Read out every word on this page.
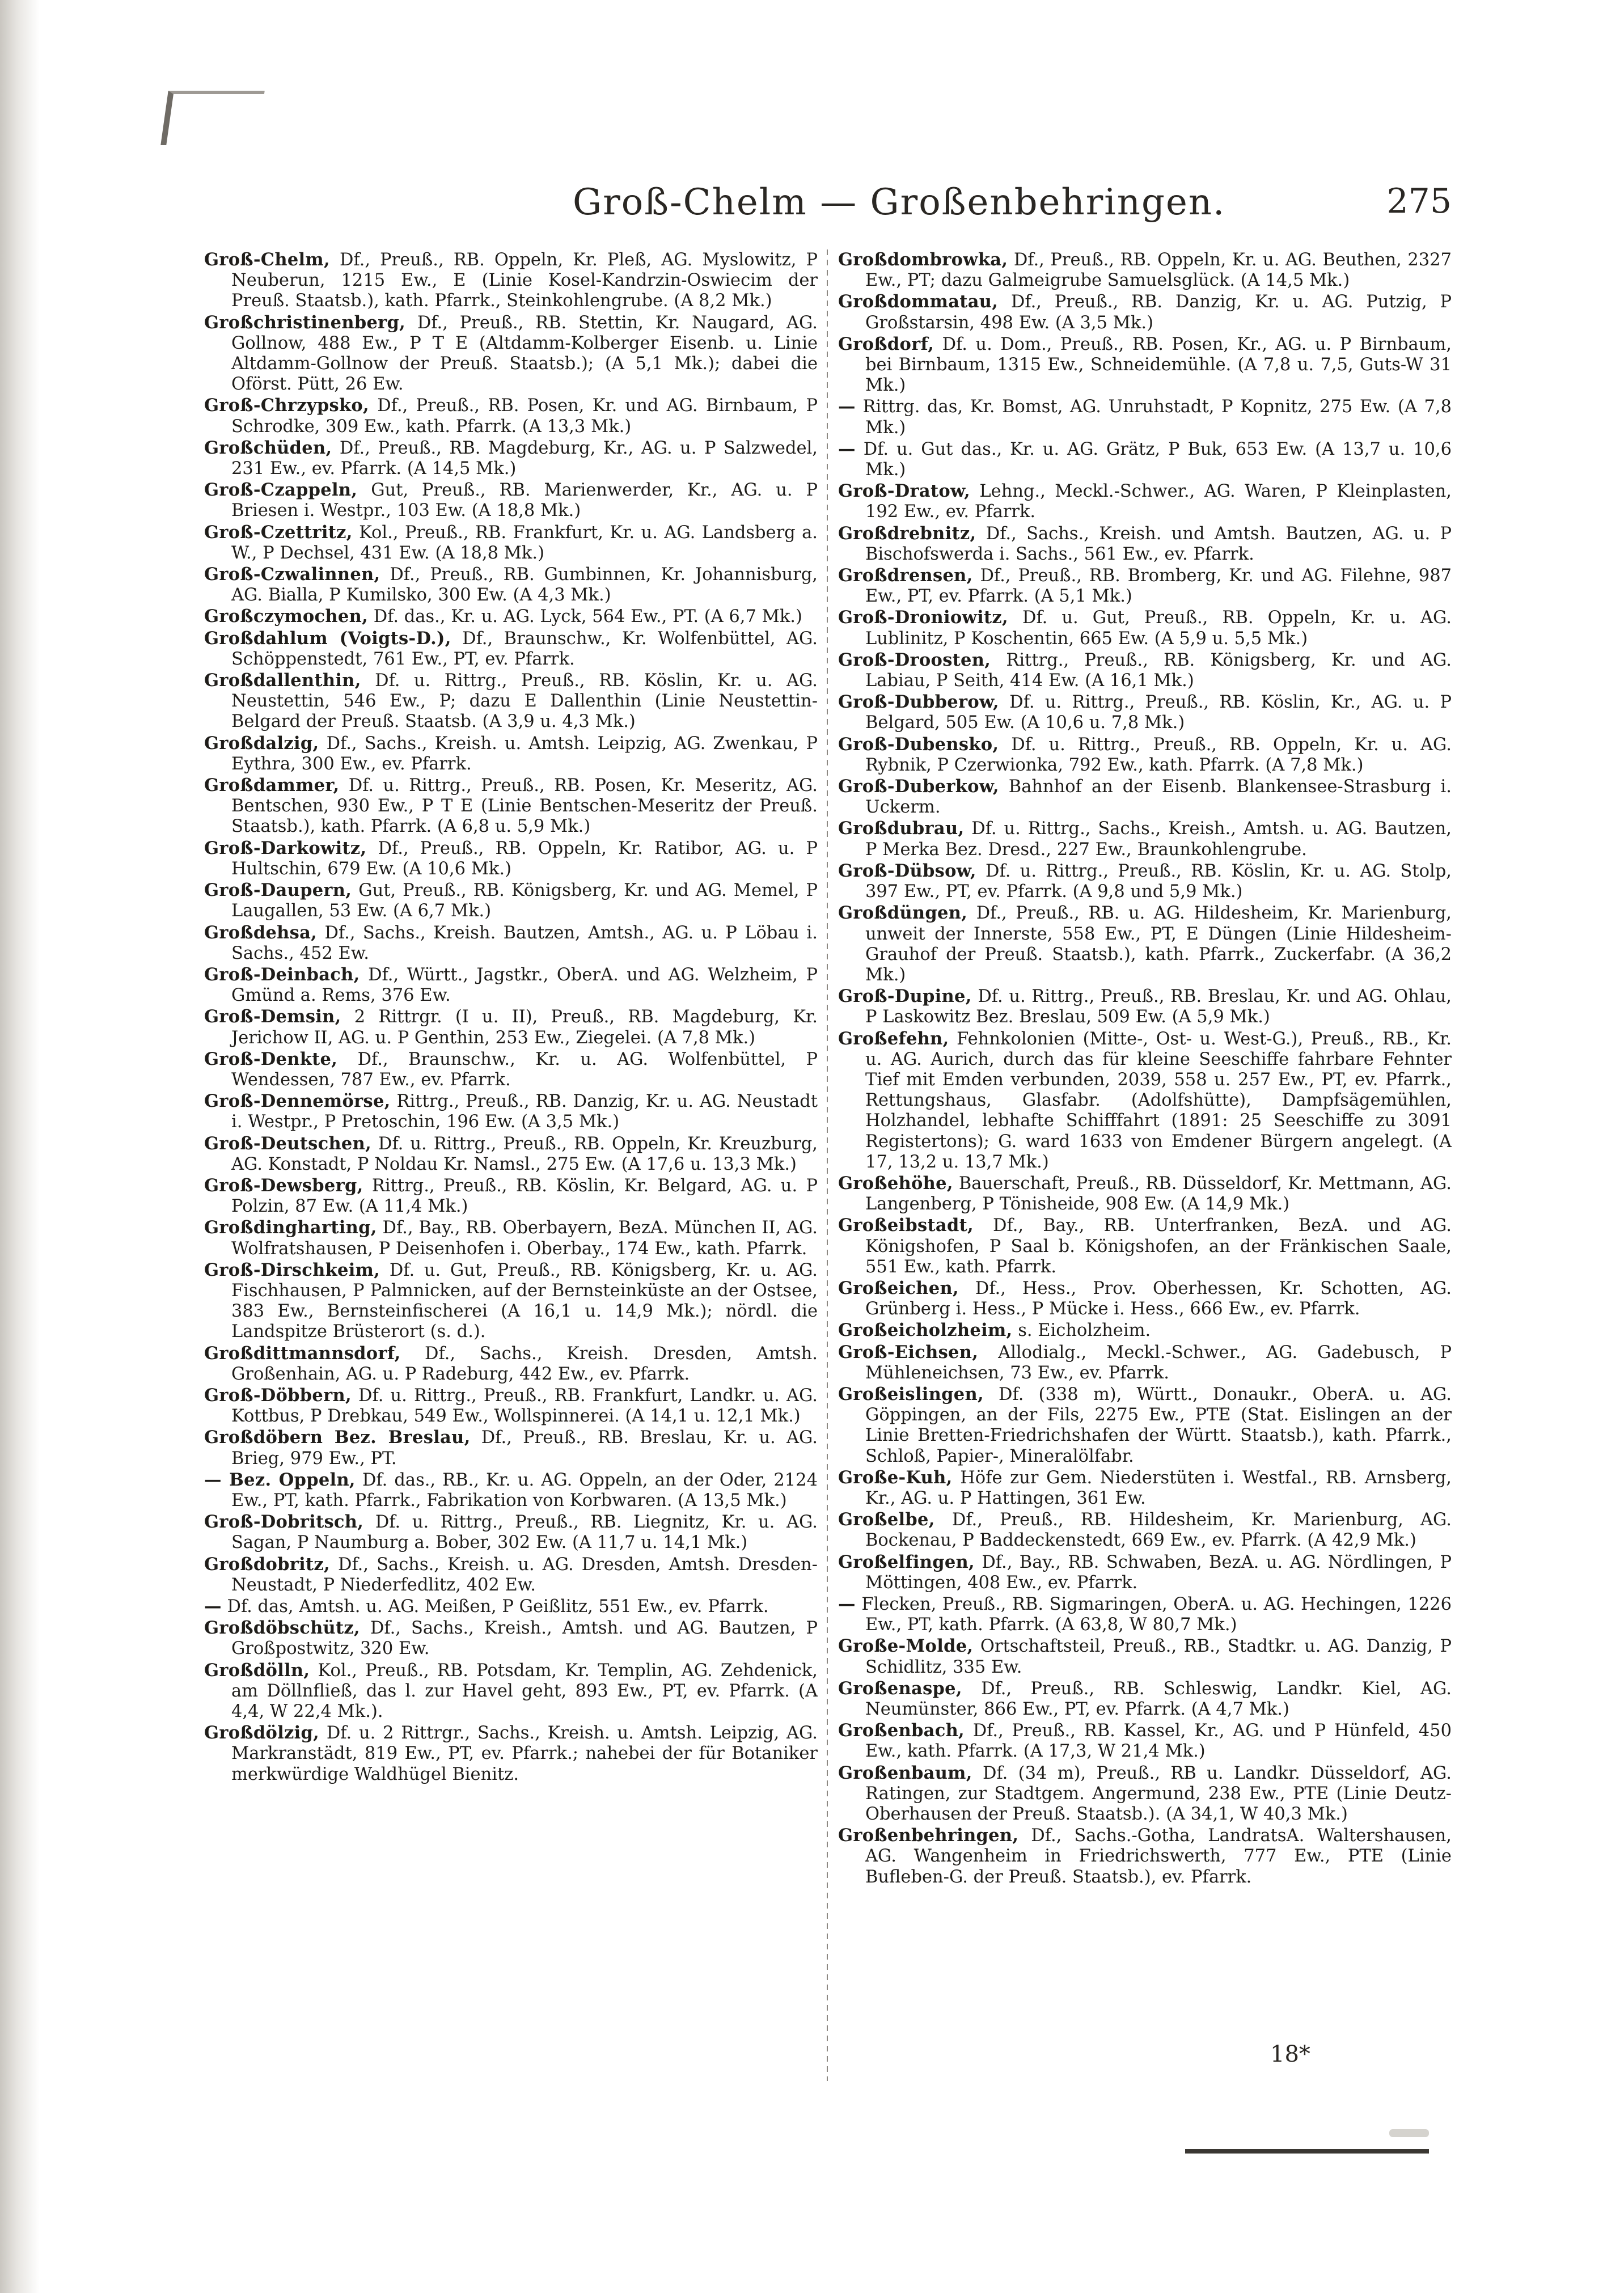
Groß-Chelm — Großenbehringen.	275

Groß-Chelm, Df., Preuß., RB. Oppeln, Kr. Pleß, AG. Myslowitz, P Neuberun, 1215 Ew., E (Linie Kosel-Kandrzin-Oswiecim der Preuß. Staatsb.), kath. Pfarrk., Steinkohlengrube. (A 8,2 Mk.)

Großchristinenberg, Df., Preuß., RB. Stettin, Kr. Naugard, AG. Gollnow, 488 Ew., P T E (Altdamm-Kolberger Eisenb. u. Linie Altdamm-Gollnow der Preuß. Staatsb.); (A 5,1 Mk.); dabei die Oförst. Pütt, 26 Ew.

Groß-Chrzypsko, Df., Preuß., RB. Posen, Kr. und AG. Birnbaum, P Schrodke, 309 Ew., kath. Pfarrk. (A 13,3 Mk.)

Großchüden, Df., Preuß., RB. Magdeburg, Kr., AG. u. P Salzwedel, 231 Ew., ev. Pfarrk. (A 14,5 Mk.)

Groß-Czappeln, Gut, Preuß., RB. Marienwerder, Kr., AG. u. P Briesen i. Westpr., 103 Ew. (A 18,8 Mk.)

Groß-Czettritz, Kol., Preuß., RB. Frankfurt, Kr. u. AG. Landsberg a. W., P Dechsel, 431 Ew. (A 18,8 Mk.)

Groß-Czwalinnen, Df., Preuß., RB. Gumbinnen, Kr. Johannisburg, AG. Bialla, P Kumilsko, 300 Ew. (A 4,3 Mk.)

Großczymochen, Df. das., Kr. u. AG. Lyck, 564 Ew., PT. (A 6,7 Mk.)

Großdahlum (Voigts-D.), Df., Braunschw., Kr. Wolfenbüttel, AG. Schöppenstedt, 761 Ew., PT, ev. Pfarrk.

Großdallenthin, Df. u. Rittrg., Preuß., RB. Köslin, Kr. u. AG. Neustettin, 546 Ew., P; dazu E Dallenthin (Linie Neustettin-Belgard der Preuß. Staatsb. (A 3,9 u. 4,3 Mk.)

Großdalzig, Df., Sachs., Kreish. u. Amtsh. Leipzig, AG. Zwenkau, P Eythra, 300 Ew., ev. Pfarrk.

Großdammer, Df. u. Rittrg., Preuß., RB. Posen, Kr. Meseritz, AG. Bentschen, 930 Ew., P T E (Linie Bentschen-Meseritz der Preuß. Staatsb.), kath. Pfarrk. (A 6,8 u. 5,9 Mk.)

Groß-Darkowitz, Df., Preuß., RB. Oppeln, Kr. Ratibor, AG. u. P Hultschin, 679 Ew. (A 10,6 Mk.)

Groß-Daupern, Gut, Preuß., RB. Königsberg, Kr. und AG. Memel, P Laugallen, 53 Ew. (A 6,7 Mk.)

Großdehsa, Df., Sachs., Kreish. Bautzen, Amtsh., AG. u. P Löbau i. Sachs., 452 Ew.

Groß-Deinbach, Df., Württ., Jagstkr., OberA. und AG. Welzheim, P Gmünd a. Rems, 376 Ew.

Groß-Demsin, 2 Rittrgr. (I u. II), Preuß., RB. Magdeburg, Kr. Jerichow II, AG. u. P Genthin, 253 Ew., Ziegelei. (A 7,8 Mk.)

Groß-Denkte, Df., Braunschw., Kr. u. AG. Wolfenbüttel, P Wendessen, 787 Ew., ev. Pfarrk.

Groß-Dennemörse, Rittrg., Preuß., RB. Danzig, Kr. u. AG. Neustadt i. Westpr., P Pretoschin, 196 Ew. (A 3,5 Mk.)

Groß-Deutschen, Df. u. Rittrg., Preuß., RB. Oppeln, Kr. Kreuzburg, AG. Konstadt, P Noldau Kr. Namsl., 275 Ew. (A 17,6 u. 13,3 Mk.)

Groß-Dewsberg, Rittrg., Preuß., RB. Köslin, Kr. Belgard, AG. u. P Polzin, 87 Ew. (A 11,4 Mk.)

Großdingharting, Df., Bay., RB. Oberbayern, BezA. München II, AG. Wolfratshausen, P Deisenhofen i. Oberbay., 174 Ew., kath. Pfarrk.

Groß-Dirschkeim, Df. u. Gut, Preuß., RB. Königsberg, Kr. u. AG. Fischhausen, P Palmnicken, auf der Bernsteinküste an der Ostsee, 383 Ew., Bernsteinfischerei (A 16,1 u. 14,9 Mk.); nördl. die Landspitze Brüsterort (s. d.).

Großdittmannsdorf, Df., Sachs., Kreish. Dresden, Amtsh. Großenhain, AG. u. P Radeburg, 442 Ew., ev. Pfarrk.

Groß-Döbbern, Df. u. Rittrg., Preuß., RB. Frankfurt, Landkr. u. AG. Kottbus, P Drebkau, 549 Ew., Wollspinnerei. (A 14,1 u. 12,1 Mk.)

Großdöbern Bez. Breslau, Df., Preuß., RB. Breslau, Kr. u. AG. Brieg, 979 Ew., PT.

— Bez. Oppeln, Df. das., RB., Kr. u. AG. Oppeln, an der Oder, 2124 Ew., PT, kath. Pfarrk., Fabrikation von Korbwaren. (A 13,5 Mk.)

Groß-Dobritsch, Df. u. Rittrg., Preuß., RB. Liegnitz, Kr. u. AG. Sagan, P Naumburg a. Bober, 302 Ew. (A 11,7 u. 14,1 Mk.)

Großdobritz, Df., Sachs., Kreish. u. AG. Dresden, Amtsh. Dresden-Neustadt, P Niederfedlitz, 402 Ew.

— Df. das, Amtsh. u. AG. Meißen, P Geißlitz, 551 Ew., ev. Pfarrk.

Großdöbschütz, Df., Sachs., Kreish., Amtsh. und AG. Bautzen, P Großpostwitz, 320 Ew.

Großdölln, Kol., Preuß., RB. Potsdam, Kr. Templin, AG. Zehdenick, am Döllnfließ, das l. zur Havel geht, 893 Ew., PT, ev. Pfarrk. (A 4,4, W 22,4 Mk.).

Großdölzig, Df. u. 2 Rittrgr., Sachs., Kreish. u. Amtsh. Leipzig, AG. Markranstädt, 819 Ew., PT, ev. Pfarrk.; nahebei der für Botaniker merkwürdige Waldhügel Bienitz.

Großdombrowka, Df., Preuß., RB. Oppeln, Kr. u. AG. Beuthen, 2327 Ew., PT; dazu Galmeigrube Samuelsglück. (A 14,5 Mk.)

Großdommatau, Df., Preuß., RB. Danzig, Kr. u. AG. Putzig, P Großstarsin, 498 Ew. (A 3,5 Mk.)

Großdorf, Df. u. Dom., Preuß., RB. Posen, Kr., AG. u. P Birnbaum, bei Birnbaum, 1315 Ew., Schneidemühle. (A 7,8 u. 7,5, Guts-W 31 Mk.)

— Rittrg. das, Kr. Bomst, AG. Unruhstadt, P Kopnitz, 275 Ew. (A 7,8 Mk.)

— Df. u. Gut das., Kr. u. AG. Grätz, P Buk, 653 Ew. (A 13,7 u. 10,6 Mk.)

Groß-Dratow, Lehng., Meckl.-Schwer., AG. Waren, P Kleinplasten, 192 Ew., ev. Pfarrk.

Großdrebnitz, Df., Sachs., Kreish. und Amtsh. Bautzen, AG. u. P Bischofswerda i. Sachs., 561 Ew., ev. Pfarrk.

Großdrensen, Df., Preuß., RB. Bromberg, Kr. und AG. Filehne, 987 Ew., PT, ev. Pfarrk. (A 5,1 Mk.)

Groß-Droniowitz, Df. u. Gut, Preuß., RB. Oppeln, Kr. u. AG. Lublinitz, P Koschentin, 665 Ew. (A 5,9 u. 5,5 Mk.)

Groß-Droosten, Rittrg., Preuß., RB. Königsberg, Kr. und AG. Labiau, P Seith, 414 Ew. (A 16,1 Mk.)

Groß-Dubberow, Df. u. Rittrg., Preuß., RB. Köslin, Kr., AG. u. P Belgard, 505 Ew. (A 10,6 u. 7,8 Mk.)

Groß-Dubensko, Df. u. Rittrg., Preuß., RB. Oppeln, Kr. u. AG. Rybnik, P Czerwionka, 792 Ew., kath. Pfarrk. (A 7,8 Mk.)

Groß-Duberkow, Bahnhof an der Eisenb. Blankensee-Strasburg i. Uckerm.

Großdubrau, Df. u. Rittrg., Sachs., Kreish., Amtsh. u. AG. Bautzen, P Merka Bez. Dresd., 227 Ew., Braunkohlengrube.

Groß-Dübsow, Df. u. Rittrg., Preuß., RB. Köslin, Kr. u. AG. Stolp, 397 Ew., PT, ev. Pfarrk. (A 9,8 und 5,9 Mk.)

Großdüngen, Df., Preuß., RB. u. AG. Hildesheim, Kr. Marienburg, unweit der Innerste, 558 Ew., PT, E Düngen (Linie Hildesheim-Grauhof der Preuß. Staatsb.), kath. Pfarrk., Zuckerfabr. (A 36,2 Mk.)

Groß-Dupine, Df. u. Rittrg., Preuß., RB. Breslau, Kr. und AG. Ohlau, P Laskowitz Bez. Breslau, 509 Ew. (A 5,9 Mk.)

Großefehn, Fehnkolonien (Mitte-, Ost- u. West-G.), Preuß., RB., Kr. u. AG. Aurich, durch das für kleine Seeschiffe fahrbare Fehnter Tief mit Emden verbunden, 2039, 558 u. 257 Ew., PT, ev. Pfarrk., Rettungshaus, Glasfabr. (Adolfshütte), Dampfsägemühlen, Holzhandel, lebhafte Schifffahrt (1891: 25 Seeschiffe zu 3091 Registertons); G. ward 1633 von Emdener Bürgern angelegt. (A 17, 13,2 u. 13,7 Mk.)

Großehöhe, Bauerschaft, Preuß., RB. Düsseldorf, Kr. Mettmann, AG. Langenberg, P Tönisheide, 908 Ew. (A 14,9 Mk.)

Großeibstadt, Df., Bay., RB. Unterfranken, BezA. und AG. Königshofen, P Saal b. Königshofen, an der Fränkischen Saale, 551 Ew., kath. Pfarrk.

Großeichen, Df., Hess., Prov. Oberhessen, Kr. Schotten, AG. Grünberg i. Hess., P Mücke i. Hess., 666 Ew., ev. Pfarrk.

Großeicholzheim, s. Eicholzheim.

Groß-Eichsen, Allodialg., Meckl.-Schwer., AG. Gadebusch, P Mühleneichsen, 73 Ew., ev. Pfarrk.

Großeislingen, Df. (338 m), Württ., Donaukr., OberA. u. AG. Göppingen, an der Fils, 2275 Ew., PTE (Stat. Eislingen an der Linie Bretten-Friedrichshafen der Württ. Staatsb.), kath. Pfarrk., Schloß, Papier-, Mineralölfabr.

Große-Kuh, Höfe zur Gem. Niederstüten i. Westfal., RB. Arnsberg, Kr., AG. u. P Hattingen, 361 Ew.

Großelbe, Df., Preuß., RB. Hildesheim, Kr. Marienburg, AG. Bockenau, P Baddeckenstedt, 669 Ew., ev. Pfarrk. (A 42,9 Mk.)

Großelfingen, Df., Bay., RB. Schwaben, BezA. u. AG. Nördlingen, P Möttingen, 408 Ew., ev. Pfarrk.

— Flecken, Preuß., RB. Sigmaringen, OberA. u. AG. Hechingen, 1226 Ew., PT, kath. Pfarrk. (A 63,8, W 80,7 Mk.)

Große-Molde, Ortschaftsteil, Preuß., RB., Stadtkr. u. AG. Danzig, P Schidlitz, 335 Ew.

Großenaspe, Df., Preuß., RB. Schleswig, Landkr. Kiel, AG. Neumünster, 866 Ew., PT, ev. Pfarrk. (A 4,7 Mk.)

Großenbach, Df., Preuß., RB. Kassel, Kr., AG. und P Hünfeld, 450 Ew., kath. Pfarrk. (A 17,3, W 21,4 Mk.)

Großenbaum, Df. (34 m), Preuß., RB u. Landkr. Düsseldorf, AG. Ratingen, zur Stadtgem. Angermund, 238 Ew., PTE (Linie Deutz-Oberhausen der Preuß. Staatsb.). (A 34,1, W 40,3 Mk.)

Großenbehringen, Df., Sachs.-Gotha, LandratsA. Waltershausen, AG. Wangenheim in Friedrichswerth, 777 Ew., PTE (Linie Bufleben-G. der Preuß. Staatsb.), ev. Pfarrk.

18*
